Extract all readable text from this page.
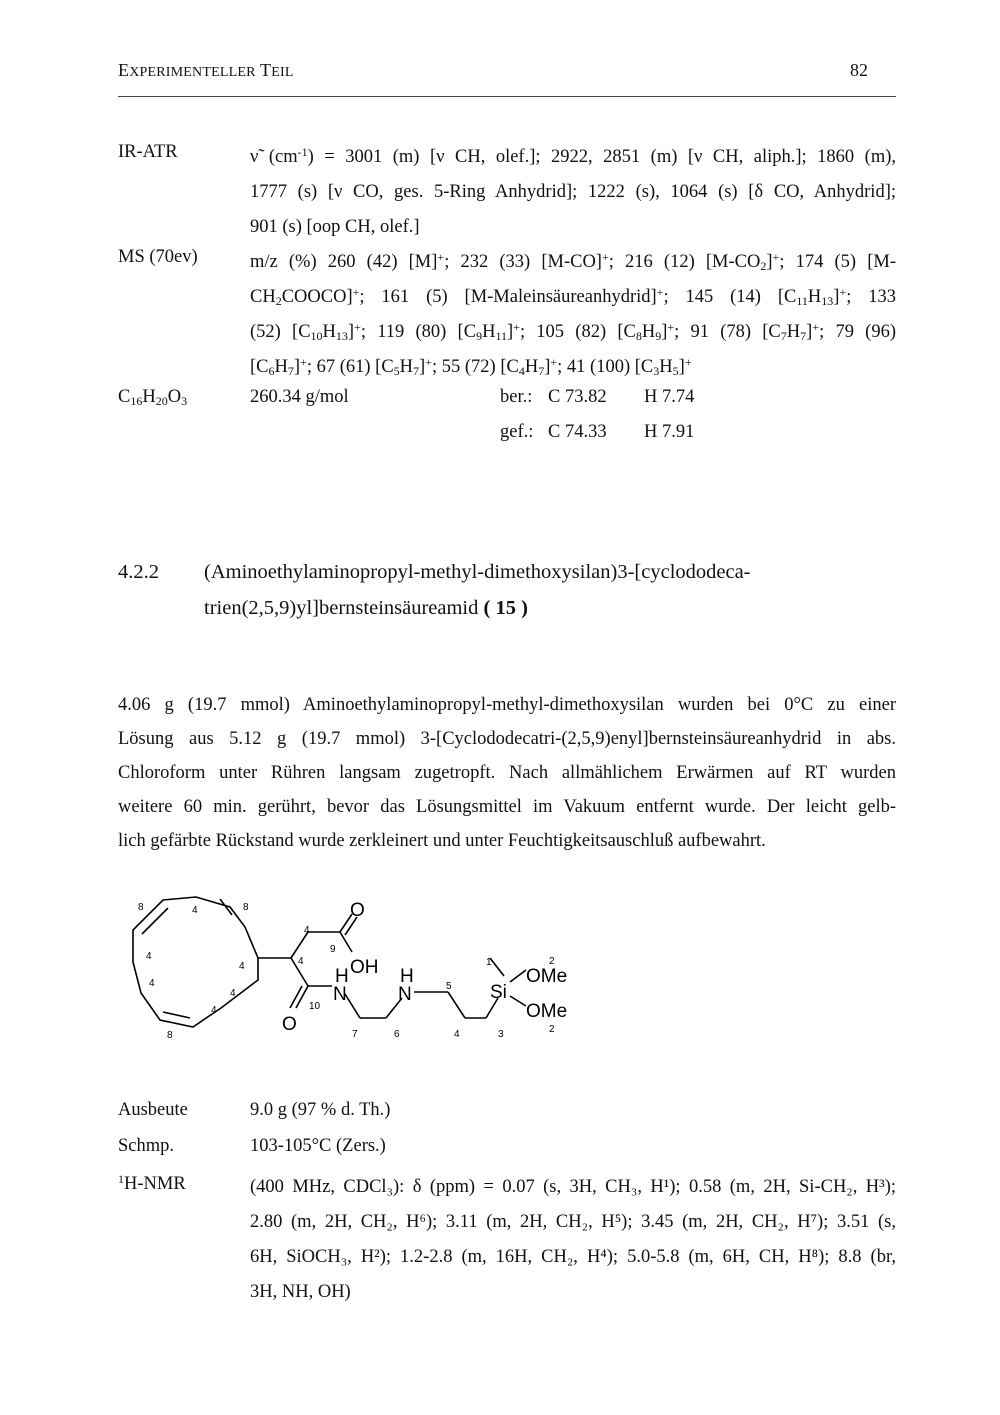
EXPERIMENTELLER TEIL	82
IR-ATR	ν̃ $(cm^{-1}) = 3001$ (m) [ν CH, olef.]; 2922, 2851 (m) [ν CH, aliph.]; 1860 (m),
1777 (s) [ν CO, ges. 5-Ring Anhydrid]; 1222 (s), 1064 (s) [δ CO, Anhydrid];
901 (s) [oop CH, olef.]
MS (70ev)	m/z (%) 260 (42) [M]+; 232 (33) [M-CO]+; 216 (12) $[M-CO_2]^+$; 174 (5) [M-
$CH_2COOCO]^+$; 161 (5) [M-Maleinsäureanhydrid]+; 145 (14) $[C_{11}H_{13}]^+$; 133
(52) $[C_{10}H_{13}]^+$; 119 (80) $[C_9H_{11}]^+$; 105 (82) $[C_8H_9]^+$; 91 (78) $[C_7H_7]^+$; 79 (96)
$[C_6H_7]^+$; 67 (61) $[C_5H_7]^+$; 55 (72) $[C_4H_7]^+$; 41 (100) $[C_3H_5]^+$
$C_{16}H_{20}O_3$	260.34 g/mol	ber.: C 73.82 H 7.74
gef.: C 74.33 H 7.91
4.2.2 (Aminoethylaminopropyl-methyl-dimethoxysilan)3-[cyclododeca-
trien(2,5,9)yl]bernsteinsäureamid ( 15 )
4.06 g (19.7 mmol) Aminoethylaminopropyl-methyl-dimethoxysilan wurden bei 0°C zu einer
Lösung aus 5.12 g (19.7 mmol) 3-[Cyclododecatri-(2,5,9)enyl]bernsteinsäureanhydrid in abs.
Chloroform unter Rühren langsam zugetropft. Nach allmählichem Erwärmen auf RT wurden
weitere 60 min. gerührt, bevor das Lösungsmittel im Vakuum entfernt wurde. Der leicht gelb-
lich gefärbte Rückstand wurde zerkleinert und unter Feuchtigkeitsauschluß aufbewahrt.
O
OH
O
H
N
H
N	Si
OMe
OMe
8	4	8
4
4
4
4
4
8
4
9
4
10
7	6
5
4	3
1	2
2
Ausbeute	9.0 g (97 % d. Th.)
Schmp.	103-105°C (Zers.)
$^1$H-NMR	(400 MHz, CDCl₃): δ (ppm) = 0.07 (s, 3H, CH₃, H¹); 0.58 (m, 2H, Si-CH₂, H³);
2.80 (m, 2H, CH₂, H⁶); 3.11 (m, 2H, CH₂, H⁵); 3.45 (m, 2H, CH₂, H⁷); 3.51 (s,
6H, SiOCH₃, H²); 1.2-2.8 (m, 16H, CH₂, H⁴); 5.0-5.8 (m, 6H, CH, H⁸); 8.8 (br,
3H, NH, OH)
